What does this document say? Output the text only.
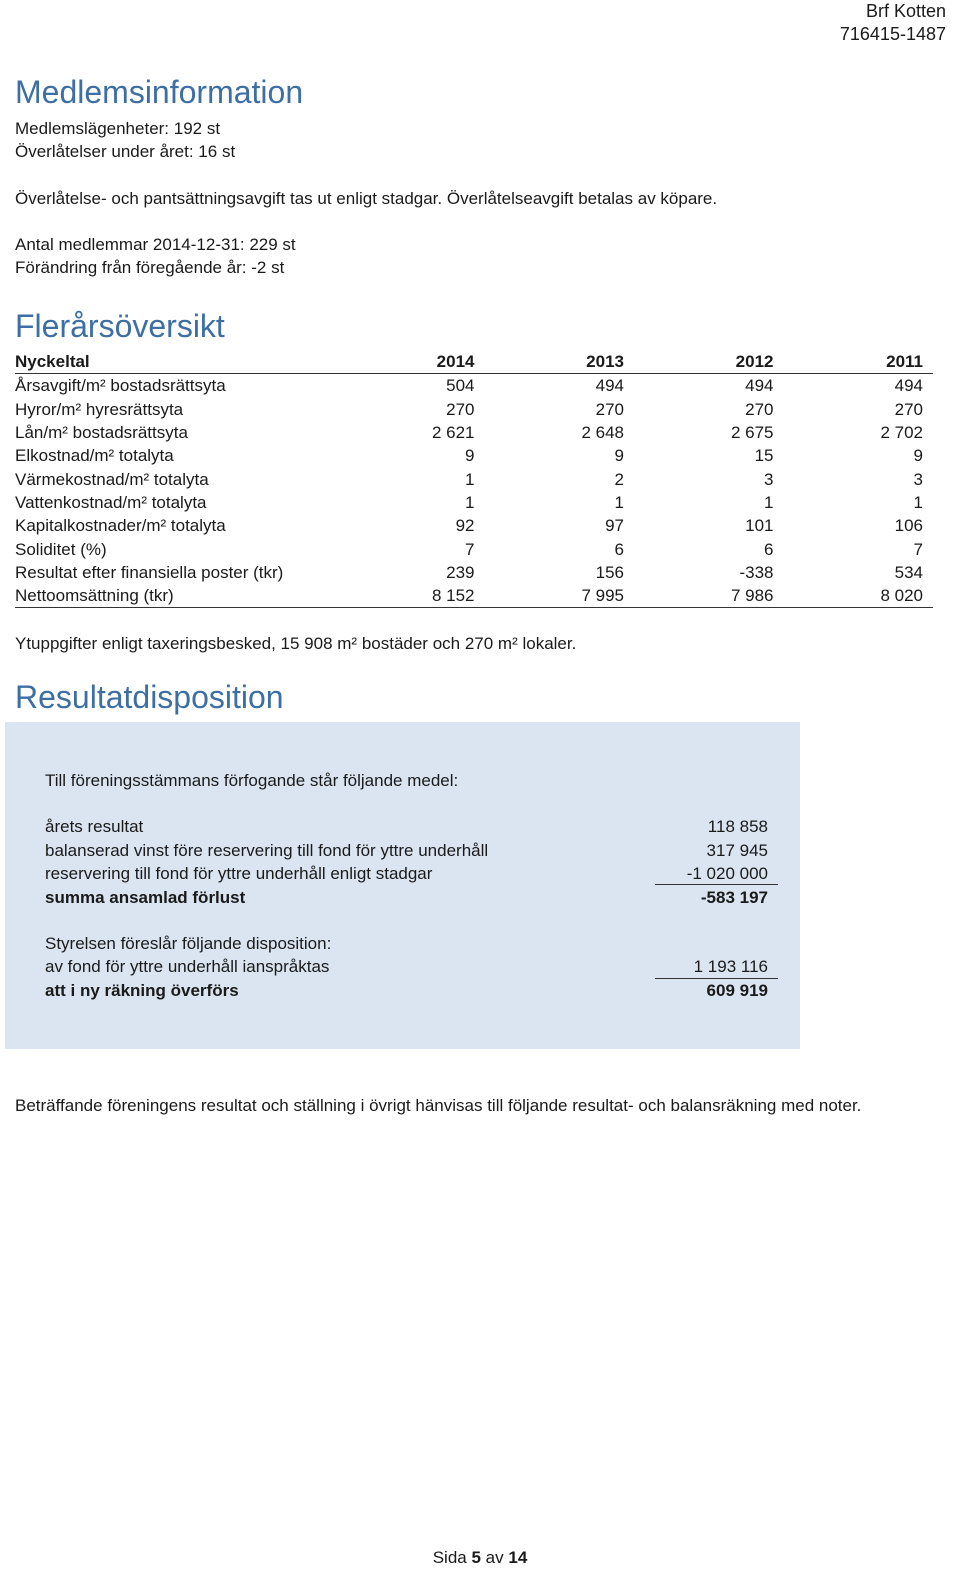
Brf Kotten
716415-1487
Medlemsinformation
Medlemslägenheter: 192 st
Överlåtelser under året: 16 st
Överlåtelse- och pantsättningsavgift tas ut enligt stadgar. Överlåtelseavgift betalas av köpare.
Antal medlemmar 2014-12-31: 229 st
Förändring från föregående år: -2 st
Flerårsöversikt
Nyckeltal	2014	2013	2012	2011
Årsavgift/m² bostadsrättsyta	504	494	494	494
Hyror/m² hyresrättsyta	270	270	270	270
Lån/m² bostadsrättsyta	2 621	2 648	2 675	2 702
Elkostnad/m² totalyta	9	9	15	9
Värmekostnad/m² totalyta	1	2	3	3
Vattenkostnad/m² totalyta	1	1	1	1
Kapitalkostnader/m² totalyta	92	97	101	106
Soliditet (%)	7	6	6	7
Resultat efter finansiella poster (tkr)	239	156	-338	534
Nettoomsättning (tkr)	8 152	7 995	7 986	8 020
Ytuppgifter enligt taxeringsbesked, 15 908 m² bostäder och 270 m² lokaler.
Resultatdisposition
Till föreningsstämmans förfogande står följande medel:
årets resultat	118 858
balanserad vinst före reservering till fond för yttre underhåll	317 945
reservering till fond för yttre underhåll enligt stadgar	-1 020 000
summa ansamlad förlust	-583 197
Styrelsen föreslår följande disposition:
av fond för yttre underhåll ianspråktas	1 193 116
att i ny räkning överförs	609 919
Beträffande föreningens resultat och ställning i övrigt hänvisas till följande resultat- och balansräkning med noter.
Sida 5 av 14
